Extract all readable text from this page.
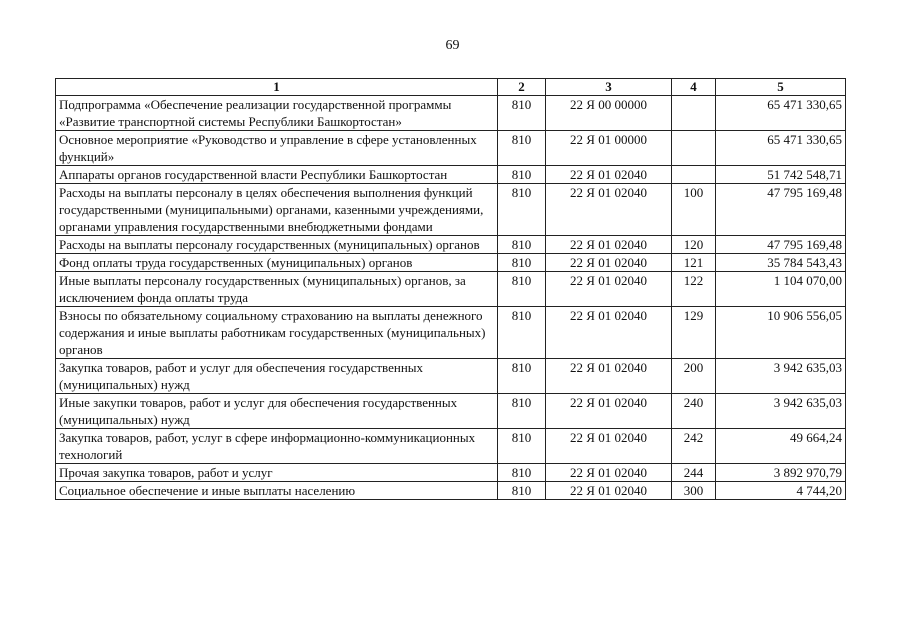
69
1	2	3	4	5
Подпрограмма «Обеспечение реализации государственной программы «Развитие транспортной системы Республики Башкортостан»	810	22 Я 00 00000		65 471 330,65
Основное мероприятие «Руководство и управление в сфере установленных функций»	810	22 Я 01 00000		65 471 330,65
Аппараты органов государственной власти Республики Башкортостан	810	22 Я 01 02040		51 742 548,71
Расходы на выплаты персоналу в целях обеспечения выполнения функций государственными (муниципальными) органами, казенными учреждениями, органами управления государственными внебюджетными фондами	810	22 Я 01 02040	100	47 795 169,48
Расходы на выплаты персоналу государственных (муниципальных) органов	810	22 Я 01 02040	120	47 795 169,48
Фонд оплаты труда государственных (муниципальных) органов	810	22 Я 01 02040	121	35 784 543,43
Иные выплаты персоналу государственных (муниципальных) органов, за исключением фонда оплаты труда	810	22 Я 01 02040	122	1 104 070,00
Взносы по обязательному социальному страхованию на выплаты денежного содержания и иные выплаты работникам государственных (муниципальных) органов	810	22 Я 01 02040	129	10 906 556,05
Закупка товаров, работ и услуг для обеспечения государственных (муниципальных) нужд	810	22 Я 01 02040	200	3 942 635,03
Иные закупки товаров, работ и услуг для обеспечения государственных (муниципальных) нужд	810	22 Я 01 02040	240	3 942 635,03
Закупка товаров, работ, услуг в сфере информационно-коммуникационных технологий	810	22 Я 01 02040	242	49 664,24
Прочая закупка товаров, работ и услуг	810	22 Я 01 02040	244	3 892 970,79
Социальное обеспечение и иные выплаты населению	810	22 Я 01 02040	300	4 744,20
